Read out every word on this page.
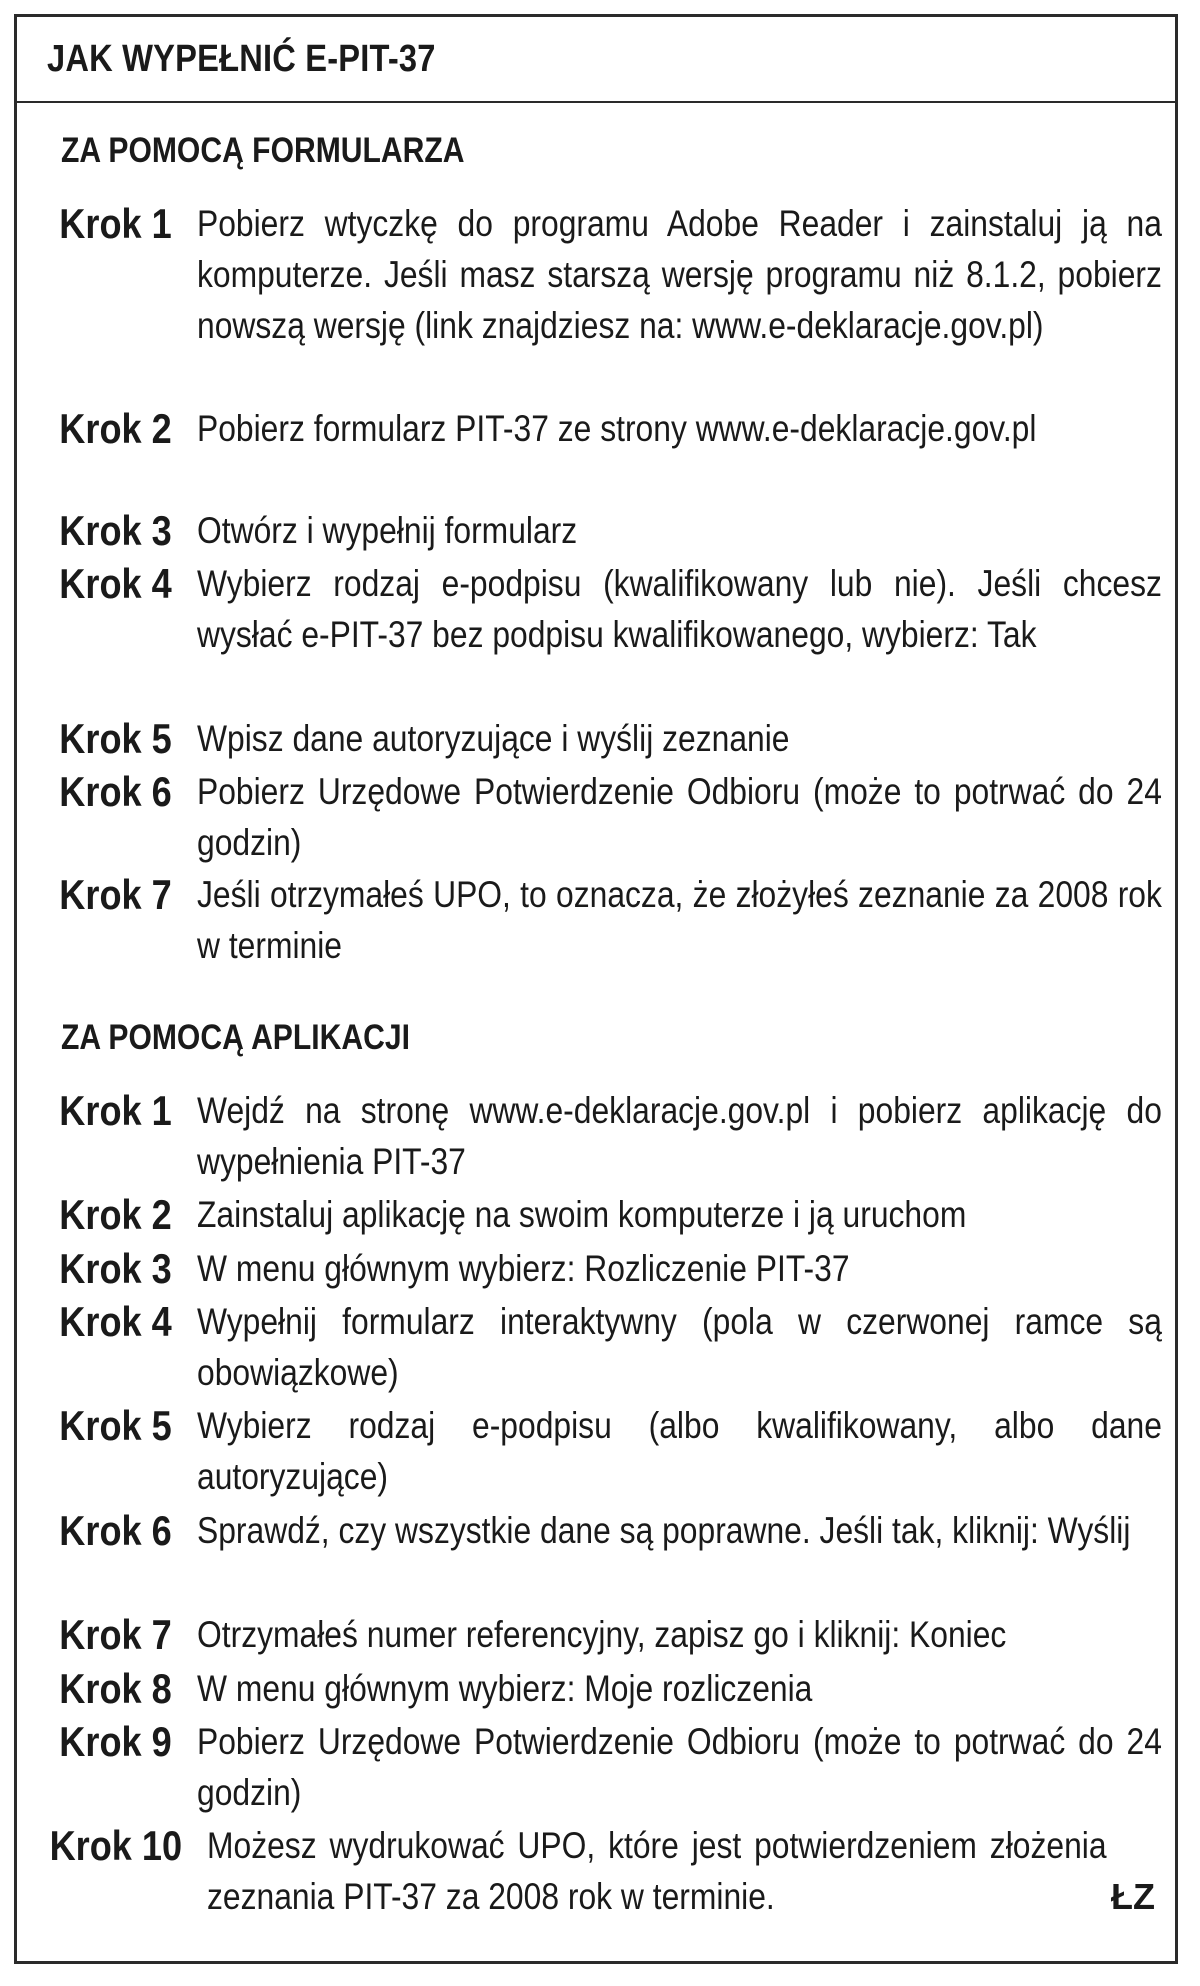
JAK WYPEŁNIĆ E-PIT-37
ZA POMOCĄ FORMULARZA
Krok 1 Pobierz wtyczkę do programu Adobe Reader i zainstaluj ją na komputerze. Jeśli masz starszą wersję programu niż 8.1.2, pobierz nowszą wersję (link znajdziesz na: www.e-deklaracje.gov.pl)
Krok 2 Pobierz formularz PIT-37 ze strony www.e-deklaracje.gov.pl
Krok 3 Otwórz i wypełnij formularz
Krok 4 Wybierz rodzaj e-podpisu (kwalifikowany lub nie). Jeśli chcesz wysłać e-PIT-37 bez podpisu kwalifikowanego, wybierz: Tak
Krok 5 Wpisz dane autoryzujące i wyślij zeznanie
Krok 6 Pobierz Urzędowe Potwierdzenie Odbioru (może to potrwać do 24 godzin)
Krok 7 Jeśli otrzymałeś UPO, to oznacza, że złożyłeś zeznanie za 2008 rok w terminie
ZA POMOCĄ APLIKACJI
Krok 1 Wejdź na stronę www.e-deklaracje.gov.pl i pobierz aplikację do wypełnienia PIT-37
Krok 2 Zainstaluj aplikację na swoim komputerze i ją uruchom
Krok 3 W menu głównym wybierz: Rozliczenie PIT-37
Krok 4 Wypełnij formularz interaktywny (pola w czerwonej ramce są obowiązkowe)
Krok 5 Wybierz rodzaj e-podpisu (albo kwalifikowany, albo dane autoryzujące)
Krok 6 Sprawdź, czy wszystkie dane są poprawne. Jeśli tak, kliknij: Wyślij
Krok 7 Otrzymałeś numer referencyjny, zapisz go i kliknij: Koniec
Krok 8 W menu głównym wybierz: Moje rozliczenia
Krok 9 Pobierz Urzędowe Potwierdzenie Odbioru (może to potrwać do 24 godzin)
Krok 10 Możesz wydrukować UPO, które jest potwierdzeniem złożenia zeznania PIT-37 za 2008 rok w terminie.	ŁZ
